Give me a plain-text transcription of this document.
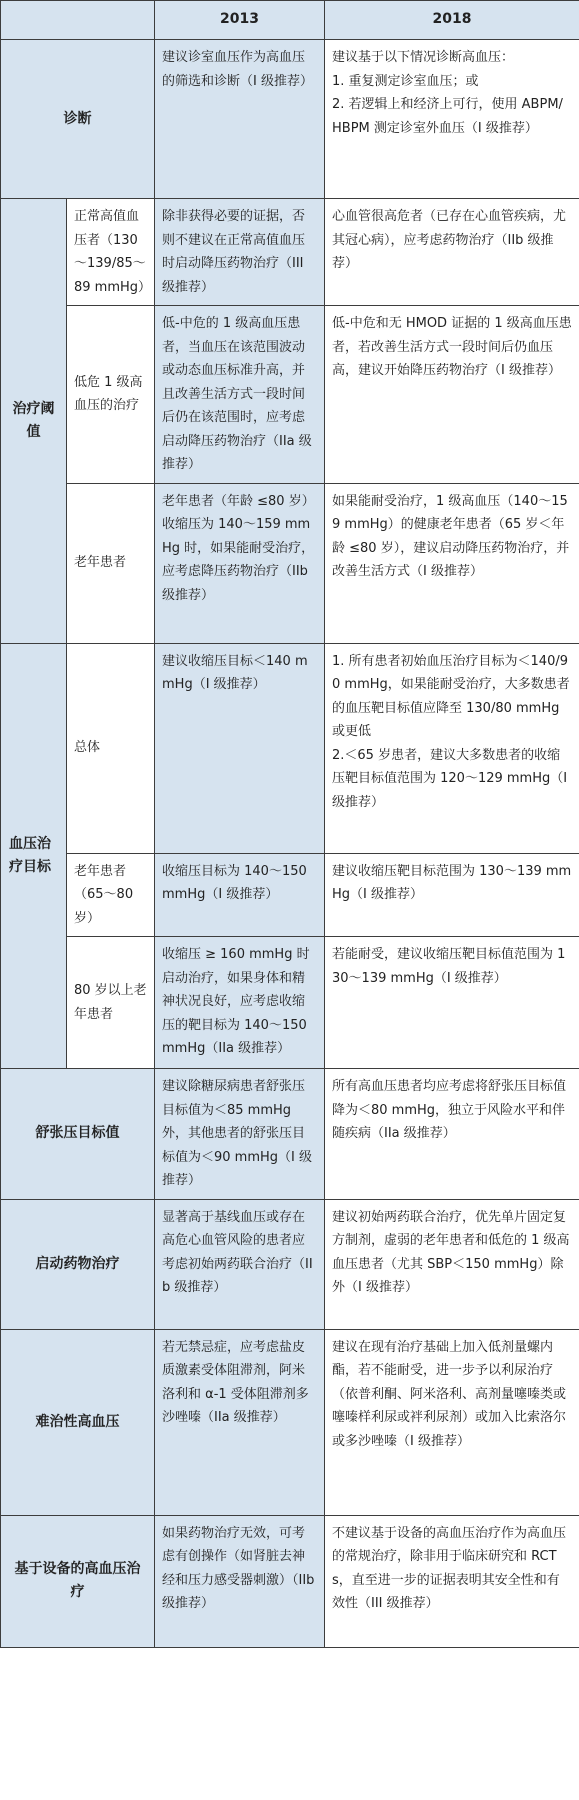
		2013	2018
诊断		建议诊室血压作为高血压的筛选和诊断（I 级推荐）	建议基于以下情况诊断高血压：
1. 重复测定诊室血压；或
2. 若逻辑上和经济上可行，使用 ABPM/HBPM 测定诊室外血压（I 级推荐）
治疗阈值	正常高值血压者（130～139/85～89 mmHg）	除非获得必要的证据，否则不建议在正常高值血压时启动降压药物治疗（III 级推荐）	心血管很高危者（已存在心血管疾病，尤其冠心病），应考虑药物治疗（IIb 级推荐）
	低危 1 级高血压的治疗	低-中危的 1 级高血压患者，当血压在该范围波动或动态血压标准升高，并且改善生活方式一段时间后仍在该范围时，应考虑启动降压药物治疗（IIa 级推荐）	低-中危和无 HMOD 证据的 1 级高血压患者，若改善生活方式一段时间后仍血压高，建议开始降压药物治疗（I 级推荐）
	老年患者	老年患者（年龄 ≤80 岁）收缩压为 140～159 mmHg 时，如果能耐受治疗，应考虑降压药物治疗（IIb 级推荐）	如果能耐受治疗，1 级高血压（140～159 mmHg）的健康老年患者（65 岁＜年龄 ≤80 岁），建议启动降压药物治疗，并改善生活方式（I 级推荐）
血压治疗目标	总体	建议收缩压目标＜140 mmHg（I 级推荐）	1. 所有患者初始血压治疗目标为＜140/90 mmHg，如果能耐受治疗，大多数患者的血压靶目标值应降至 130/80 mmHg 或更低
2.＜65 岁患者，建议大多数患者的收缩压靶目标值范围为 120～129 mmHg（I 级推荐）
	老年患者（65～80 岁）	收缩压目标为 140～150 mmHg（I 级推荐）	建议收缩压靶目标范围为 130～139 mmHg（I 级推荐）
	80 岁以上老年患者	收缩压 ≥ 160 mmHg 时启动治疗，如果身体和精神状况良好，应考虑收缩压的靶目标为 140～150 mmHg（IIa 级推荐）	若能耐受，建议收缩压靶目标值范围为 130～139 mmHg（I 级推荐）
舒张压目标值		建议除糖尿病患者舒张压目标值为＜85 mmHg 外，其他患者的舒张压目标值为＜90 mmHg（I 级推荐）	所有高血压患者均应考虑将舒张压目标值降为＜80 mmHg，独立于风险水平和伴随疾病（IIa 级推荐）
启动药物治疗		显著高于基线血压或存在高危心血管风险的患者应考虑初始两药联合治疗（IIb 级推荐）	建议初始两药联合治疗，优先单片固定复方制剂，虚弱的老年患者和低危的 1 级高血压患者（尤其 SBP＜150 mmHg）除外（I 级推荐）
难治性高血压		若无禁忌症，应考虑盐皮质激素受体阻滞剂，阿米洛利和 α-1 受体阻滞剂多沙唑嗪（IIa 级推荐）	建议在现有治疗基础上加入低剂量螺内酯，若不能耐受，进一步予以利尿治疗（依普利酮、阿米洛利、高剂量噻嗪类或噻嗪样利尿或袢利尿剂）或加入比索洛尔或多沙唑嗪（I 级推荐）
基于设备的高血压治疗		如果药物治疗无效，可考虑有创操作（如肾脏去神经和压力感受器刺激）（IIb 级推荐）	不建议基于设备的高血压治疗作为高血压的常规治疗，除非用于临床研究和 RCTs，直至进一步的证据表明其安全性和有效性（III 级推荐）
